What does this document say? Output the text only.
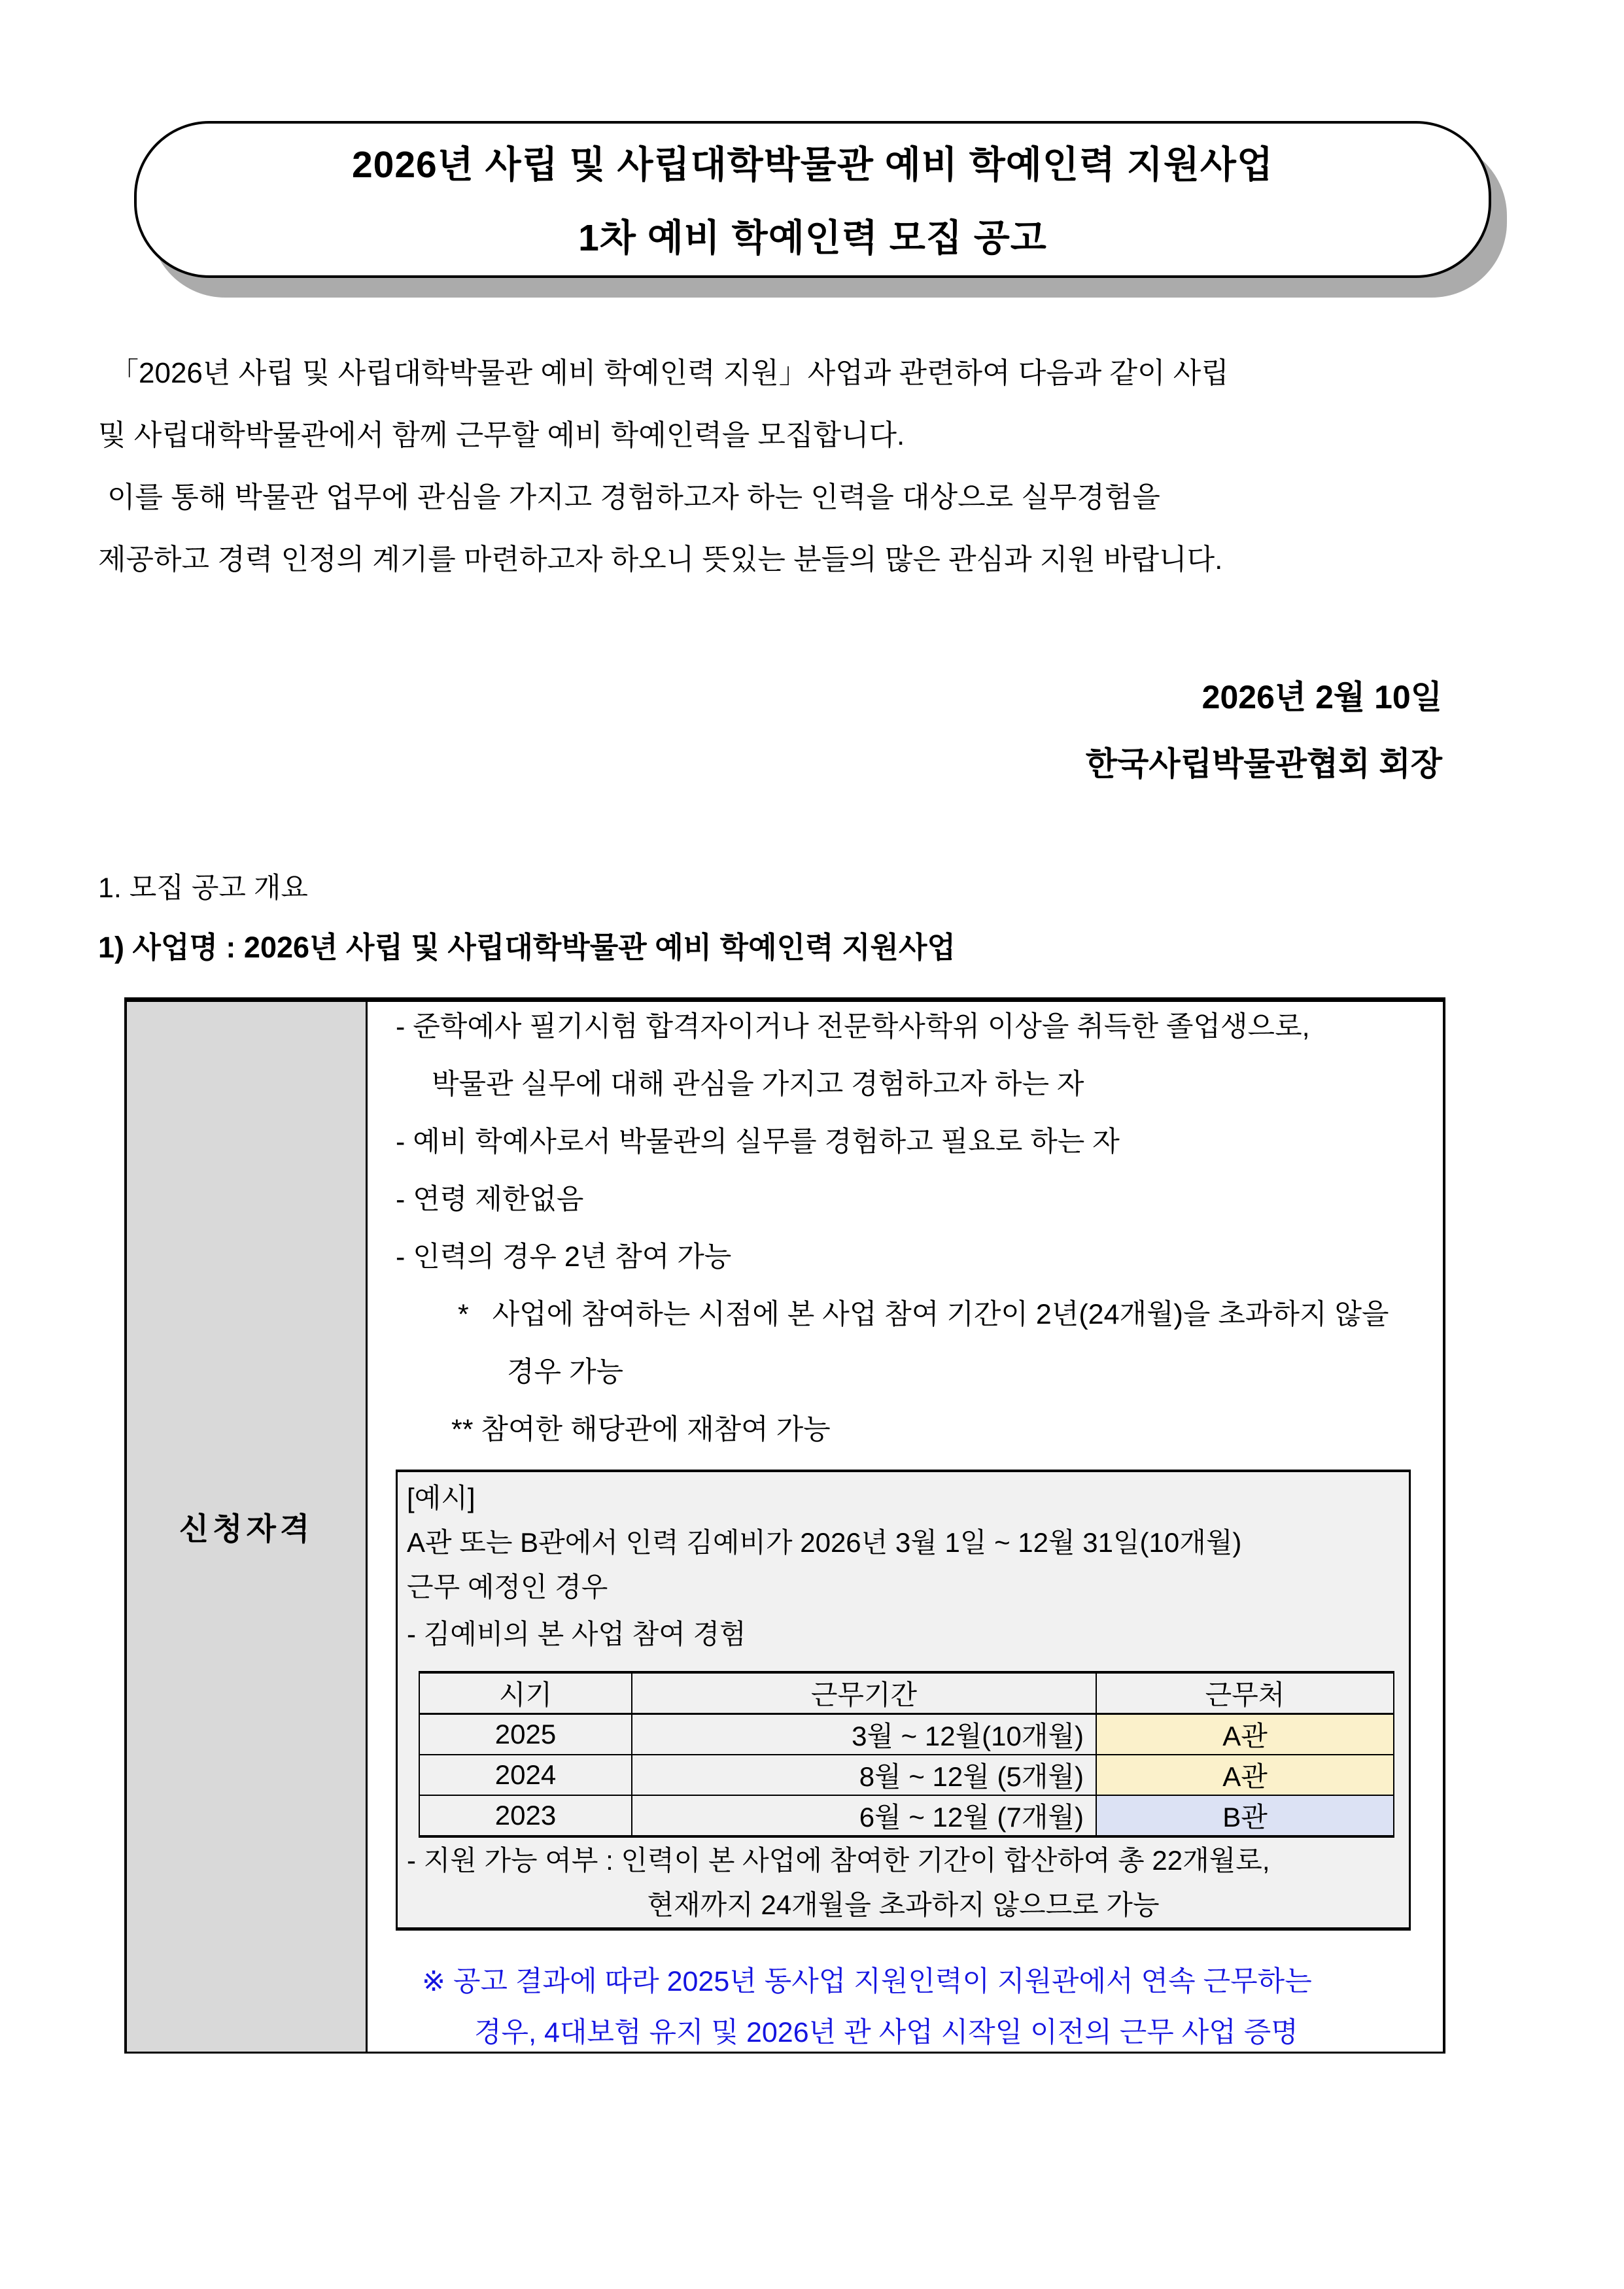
2026년 사립 및 사립대학박물관 예비 학예인력 지원사업
1차 예비 학예인력 모집 공고
「2026년 사립 및 사립대학박물관 예비 학예인력 지원」사업과 관련하여 다음과 같이 사립
및 사립대학박물관에서 함께 근무할 예비 학예인력을 모집합니다.
이를 통해 박물관 업무에 관심을 가지고 경험하고자 하는 인력을 대상으로 실무경험을
제공하고 경력 인정의 계기를 마련하고자 하오니 뜻있는 분들의 많은 관심과 지원 바랍니다.
2026년 2월 10일
한국사립박물관협회 회장
1. 모집 공고 개요
1) 사업명 : 2026년 사립 및 사립대학박물관 예비 학예인력 지원사업
신청자격
- 준학예사 필기시험 합격자이거나 전문학사학위 이상을 취득한 졸업생으로,
박물관 실무에 대해 관심을 가지고 경험하고자 하는 자
- 예비 학예사로서 박물관의 실무를 경험하고 필요로 하는 자
- 연령 제한없음
- 인력의 경우 2년 참여 가능
*   사업에 참여하는 시점에 본 사업 참여 기간이 2년(24개월)을 초과하지 않을
경우 가능
** 참여한 해당관에 재참여 가능
[예시]
A관 또는 B관에서 인력 김예비가 2026년 3월 1일 ~ 12월 31일(10개월)
근무 예정인 경우
- 김예비의 본 사업 참여 경험
시기	근무기간	근무처
2025	3월 ~ 12월(10개월)	A관
2024	8월 ~ 12월 (5개월)	A관
2023	6월 ~ 12월 (7개월)	B관
- 지원 가능 여부 : 인력이 본 사업에 참여한 기간이 합산하여 총 22개월로,
현재까지 24개월을 초과하지 않으므로 가능
※ 공고 결과에 따라 2025년 동사업 지원인력이 지원관에서 연속 근무하는
경우, 4대보험 유지 및 2026년 관 사업 시작일 이전의 근무 사업 증명
